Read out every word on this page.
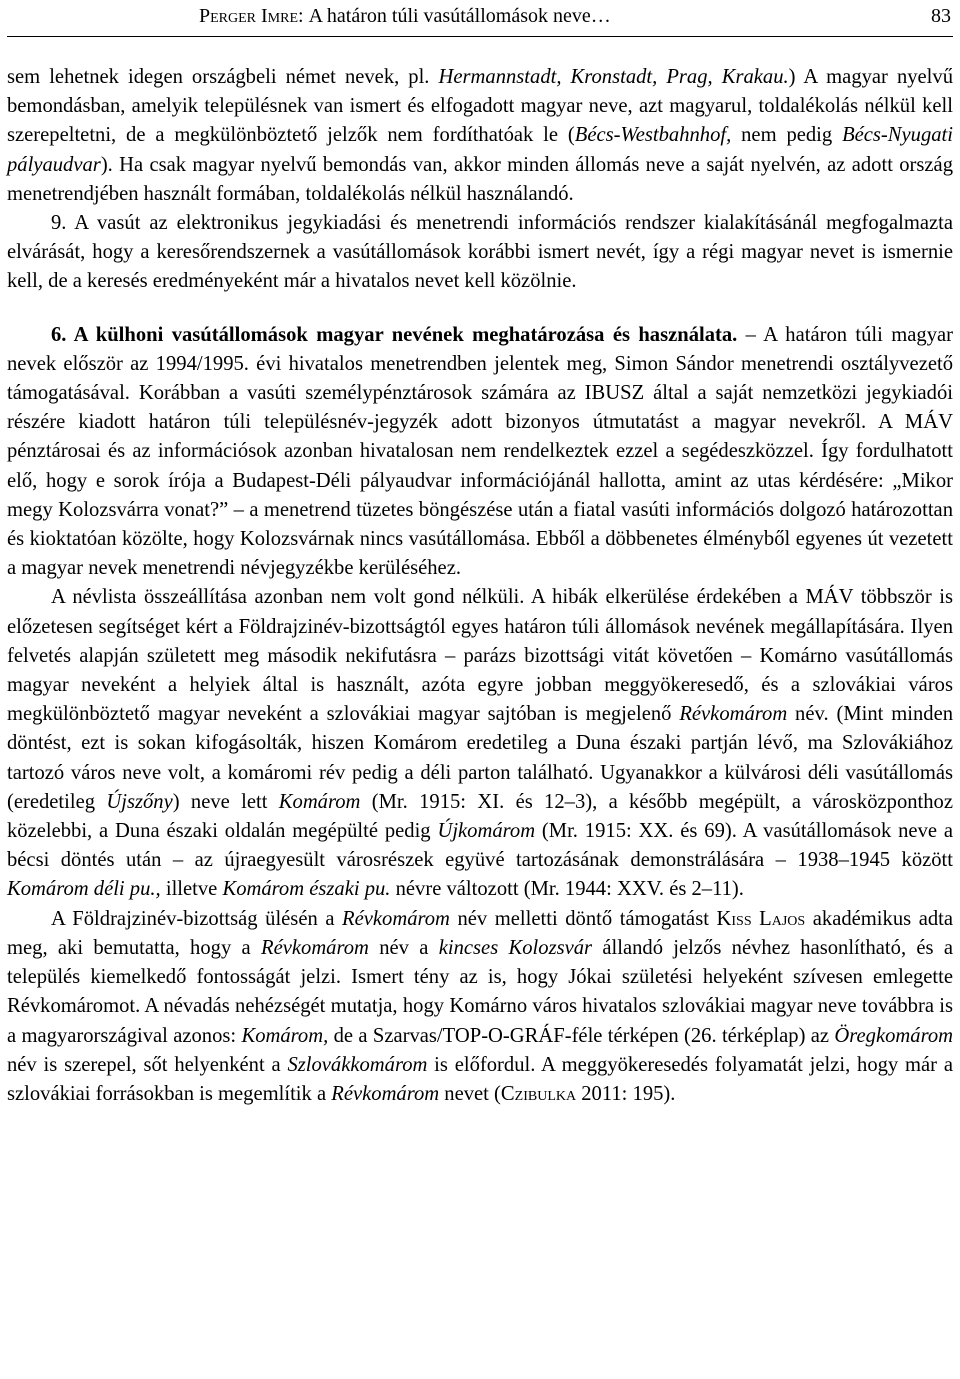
Perger Imre: A határon túli vasútállomások neve…	83

sem lehetnek idegen országbeli német nevek, pl. Hermannstadt, Kronstadt, Prag, Krakau.) A magyar nyelvű bemondásban, amelyik településnek van ismert és elfogadott magyar neve, azt magyarul, toldalékolás nélkül kell szerepeltetni, de a megkülönböztető jelzők nem fordíthatóak le (Bécs-Westbahnhof, nem pedig Bécs-Nyugati pályaudvar). Ha csak magyar nyelvű bemondás van, akkor minden állomás neve a saját nyelvén, az adott ország menetrendjében használt formában, toldalékolás nélkül használandó.

9. A vasút az elektronikus jegykiadási és menetrendi információs rendszer kialakításánál megfogalmazta elvárását, hogy a keresőrendszernek a vasútállomások korábbi ismert nevét, így a régi magyar nevet is ismernie kell, de a keresés eredményeként már a hivatalos nevet kell közölnie.

6. A külhoni vasútállomások magyar nevének meghatározása és használata. – A határon túli magyar nevek először az 1994/1995. évi hivatalos menetrendben jelentek meg, Simon Sándor menetrendi osztályvezető támogatásával. Korábban a vasúti személypénztárosok számára az IBUSZ által a saját nemzetközi jegykiadói részére kiadott határon túli településnév-jegyzék adott bizonyos útmutatást a magyar nevekről. A MÁV pénztárosai és az információsok azonban hivatalosan nem rendelkeztek ezzel a segédeszközzel. Így fordulhatott elő, hogy e sorok írója a Budapest-Déli pályaudvar információjánál hallotta, amint az utas kérdésére: „Mikor megy Kolozsvárra vonat?” – a menetrend tüzetes böngészése után a fiatal vasúti információs dolgozó határozottan és kioktatóan közölte, hogy Kolozsvárnak nincs vasútállomása. Ebből a döbbenetes élményből egyenes út vezetett a magyar nevek menetrendi névjegyzékbe kerüléséhez.

A névlista összeállítása azonban nem volt gond nélküli. A hibák elkerülése érdekében a MÁV többször is előzetesen segítséget kért a Földrajzinév-bizottságtól egyes határon túli állomások nevének megállapítására. Ilyen felvetés alapján született meg második nekifutásra – parázs bizottsági vitát követően – Komárno vasútállomás magyar neveként a helyiek által is használt, azóta egyre jobban meggyökeresedő, és a szlovákiai város megkülönböztető magyar neveként a szlovákiai magyar sajtóban is megjelenő Révkomárom név. (Mint minden döntést, ezt is sokan kifogásolták, hiszen Komárom eredetileg a Duna északi partján lévő, ma Szlovákiához tartozó város neve volt, a komáromi rév pedig a déli parton található. Ugyanakkor a külvárosi déli vasútállomás (eredetileg Újszőny) neve lett Komárom (Mr. 1915: XI. és 12–3), a később megépült, a városközponthoz közelebbi, a Duna északi oldalán megépülté pedig Újkomárom (Mr. 1915: XX. és 69). A vasútállomások neve a bécsi döntés után – az újraegyesült városrészek együvé tartozásának demonstrálására – 1938–1945 között Komárom déli pu., illetve Komárom északi pu. névre változott (Mr. 1944: XXV. és 2–11).

A Földrajzinév-bizottság ülésén a Révkomárom név melletti döntő támogatást Kiss Lajos akadémikus adta meg, aki bemutatta, hogy a Révkomárom név a kincses Kolozsvár állandó jelzős névhez hasonlítható, és a település kiemelkedő fontosságát jelzi. Ismert tény az is, hogy Jókai születési helyeként szívesen emlegette Révkomáromot. A névadás nehézségét mutatja, hogy Komárno város hivatalos szlovákiai magyar neve továbbra is a magyarországival azonos: Komárom, de a Szarvas/TOP-O-GRÁF-féle térképen (26. térképlap) az Öregkomárom név is szerepel, sőt helyenként a Szlovákkomárom is előfordul. A meggyökeresedés folyamatát jelzi, hogy már a szlovákiai forrásokban is megemlítik a Révkomárom nevet (Czibulka 2011: 195).
